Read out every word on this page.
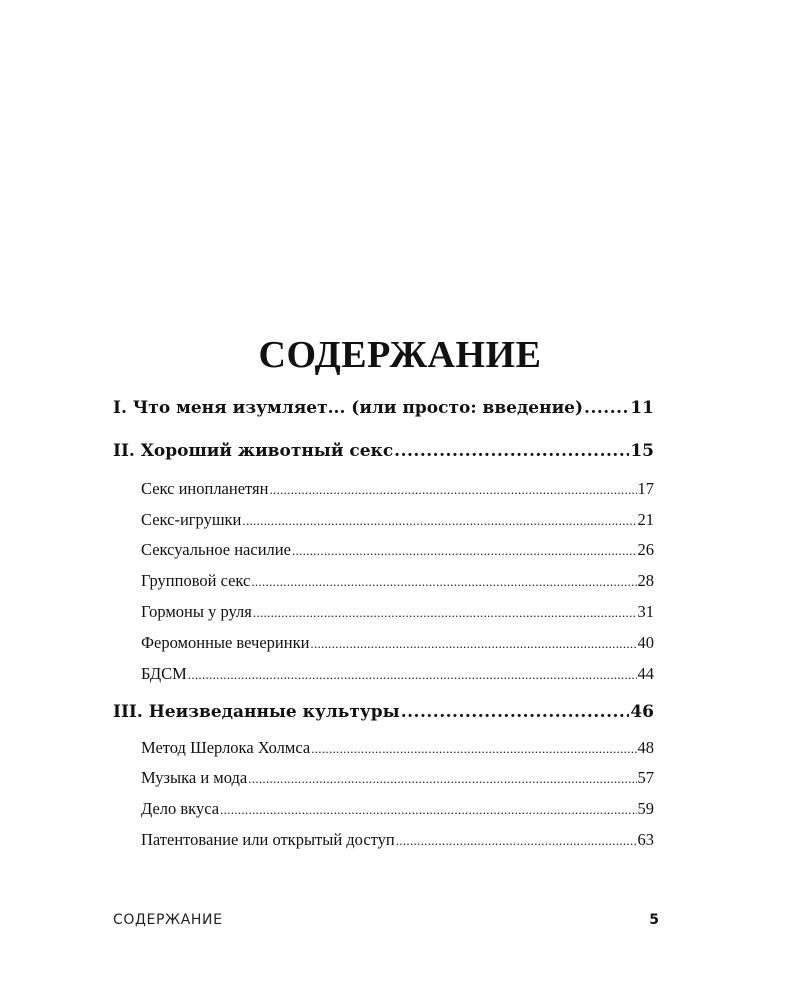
СОДЕРЖАНИЕ
I. Что меня изумляет... (или просто: введение) .....	11
II. Хороший животный секс .....	15
Секс инопланетян .....	17
Секс-игрушки .....	21
Сексуальное насилие .....	26
Групповой секс .....	28
Гормоны у руля .....	31
Феромонные вечеринки .....	40
БДСМ .....	44
III. Неизведанные культуры .....	46
Метод Шерлока Холмса .....	48
Музыка и мода .....	57
Дело вкуса .....	59
Патентование или открытый доступ .....	63
СОДЕРЖАНИЕ	5
